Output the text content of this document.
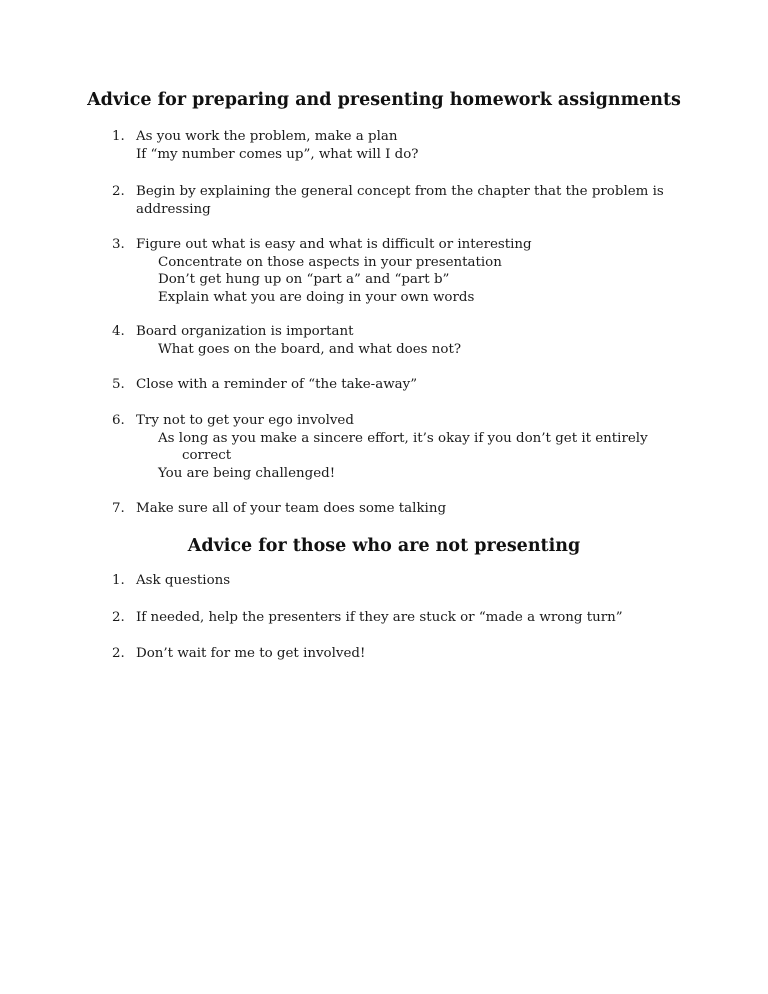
Advice for preparing and presenting homework assignments
1. As you work the problem, make a plan
If “my number comes up”, what will I do?
2. Begin by explaining the general concept from the chapter that the problem is addressing
3. Figure out what is easy and what is difficult or interesting
Concentrate on those aspects in your presentation
Don’t get hung up on “part a” and “part b”
Explain what you are doing in your own words
4. Board organization is important
What goes on the board, and what does not?
5. Close with a reminder of “the take-away”
6. Try not to get your ego involved
As long as you make a sincere effort, it’s okay if you don’t get it entirely
correct
You are being challenged!
7. Make sure all of your team does some talking
Advice for those who are not presenting
1. Ask questions
2. If needed, help the presenters if they are stuck or “made a wrong turn”
2. Don’t wait for me to get involved!
